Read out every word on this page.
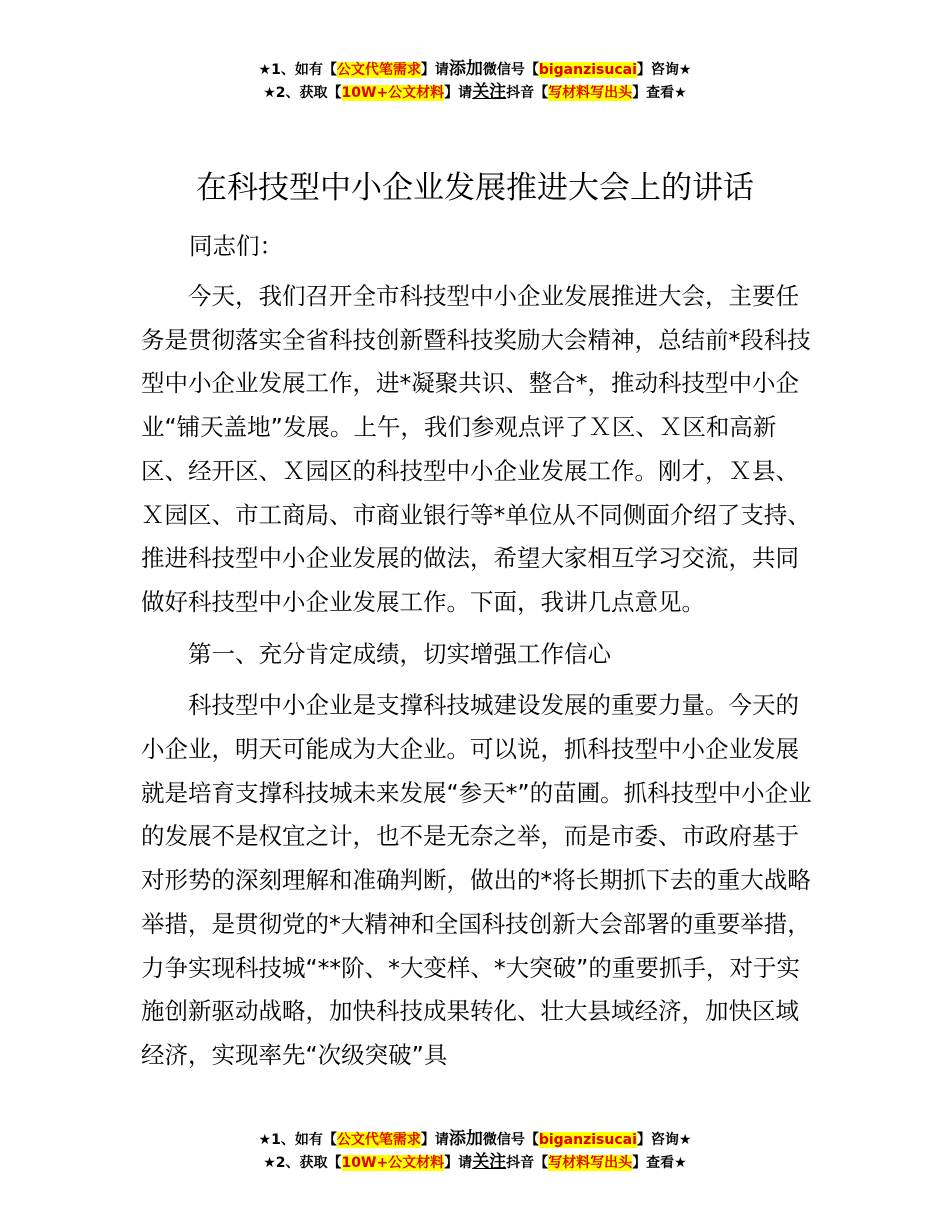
★1、如有【公文代笔需求】请添加微信号【biganzisucai】咨询★
★2、获取【10W+公文材料】请关注抖音【写材料写出头】查看★
在科技型中小企业发展推进大会上的讲话
同志们：

今天，我们召开全市科技型中小企业发展推进大会，主要任务是贯彻落实全省科技创新暨科技奖励大会精神，总结前*段科技型中小企业发展工作，进*凝聚共识、整合*，推动科技型中小企业“铺天盖地”发展。上午，我们参观点评了Ｘ区、Ｘ区和高新区、经开区、Ｘ园区的科技型中小企业发展工作。刚才，Ｘ县、Ｘ园区、市工商局、市商业银行等*单位从不同侧面介绍了支持、推进科技型中小企业发展的做法，希望大家相互学习交流，共同做好科技型中小企业发展工作。下面，我讲几点意见。

第一、充分肯定成绩，切实增强工作信心

科技型中小企业是支撑科技城建设发展的重要力量。今天的小企业，明天可能成为大企业。可以说，抓科技型中小企业发展就是培育支撑科技城未来发展“参天*”的苗圃。抓科技型中小企业的发展不是权宜之计，也不是无奈之举，而是市委、市政府基于对形势的深刻理解和准确判断，做出的*将长期抓下去的重大战略举措，是贯彻党的*大精神和全国科技创新大会部署的重要举措，力争实现科技城“**阶、*大变样、*大突破”的重要抓手，对于实施创新驱动战略，加快科技成果转化、壮大县域经济，加快区域经济，实现率先“次级突破”具

★1、如有【公文代笔需求】请添加微信号【biganzisucai】咨询★
★2、获取【10W+公文材料】请关注抖音【写材料写出头】查看★
